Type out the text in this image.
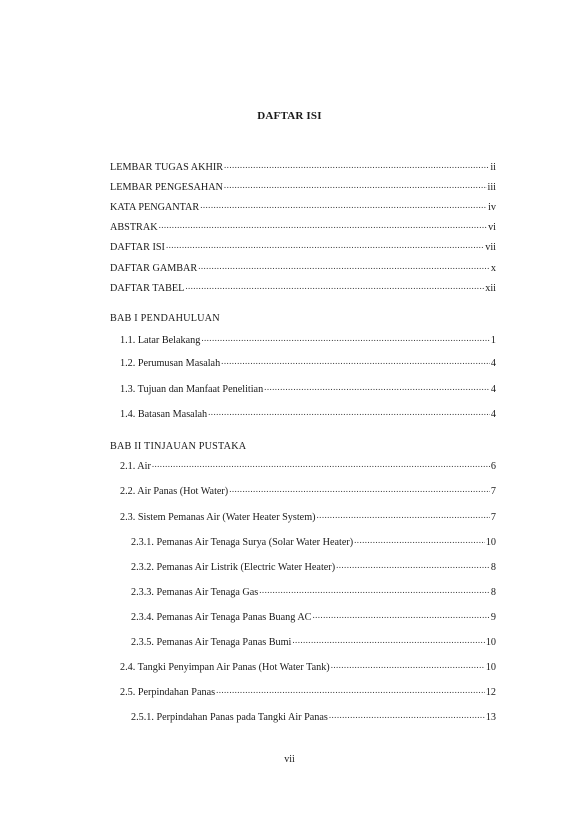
DAFTAR ISI
LEMBAR TUGAS AKHIR .....	ii
LEMBAR PENGESAHAN .....	iii
KATA PENGANTAR .....	iv
ABSTRAK .....	vi
DAFTAR ISI .....	vii
DAFTAR GAMBAR .....	x
DAFTAR TABEL .....	xii
BAB I PENDAHULUAN
1.1. Latar Belakang .....	1
1.2. Perumusan Masalah .....	4
1.3. Tujuan dan Manfaat Penelitian .....	4
1.4. Batasan Masalah .....	4
BAB II TINJAUAN PUSTAKA
2.1. Air .....	6
2.2. Air Panas (Hot Water) .....	7
2.3. Sistem Pemanas Air (Water Heater System) .....	7
2.3.1. Pemanas Air Tenaga Surya (Solar Water Heater) .....	10
2.3.2. Pemanas Air Listrik (Electric Water Heater) .....	8
2.3.3. Pemanas Air Tenaga Gas .....	8
2.3.4. Pemanas Air Tenaga Panas Buang AC .....	9
2.3.5. Pemanas Air Tenaga Panas Bumi .....	10
2.4. Tangki Penyimpan Air Panas (Hot Water Tank) .....	10
2.5. Perpindahan Panas .....	12
2.5.1. Perpindahan Panas pada Tangki Air Panas .....	13
vii
